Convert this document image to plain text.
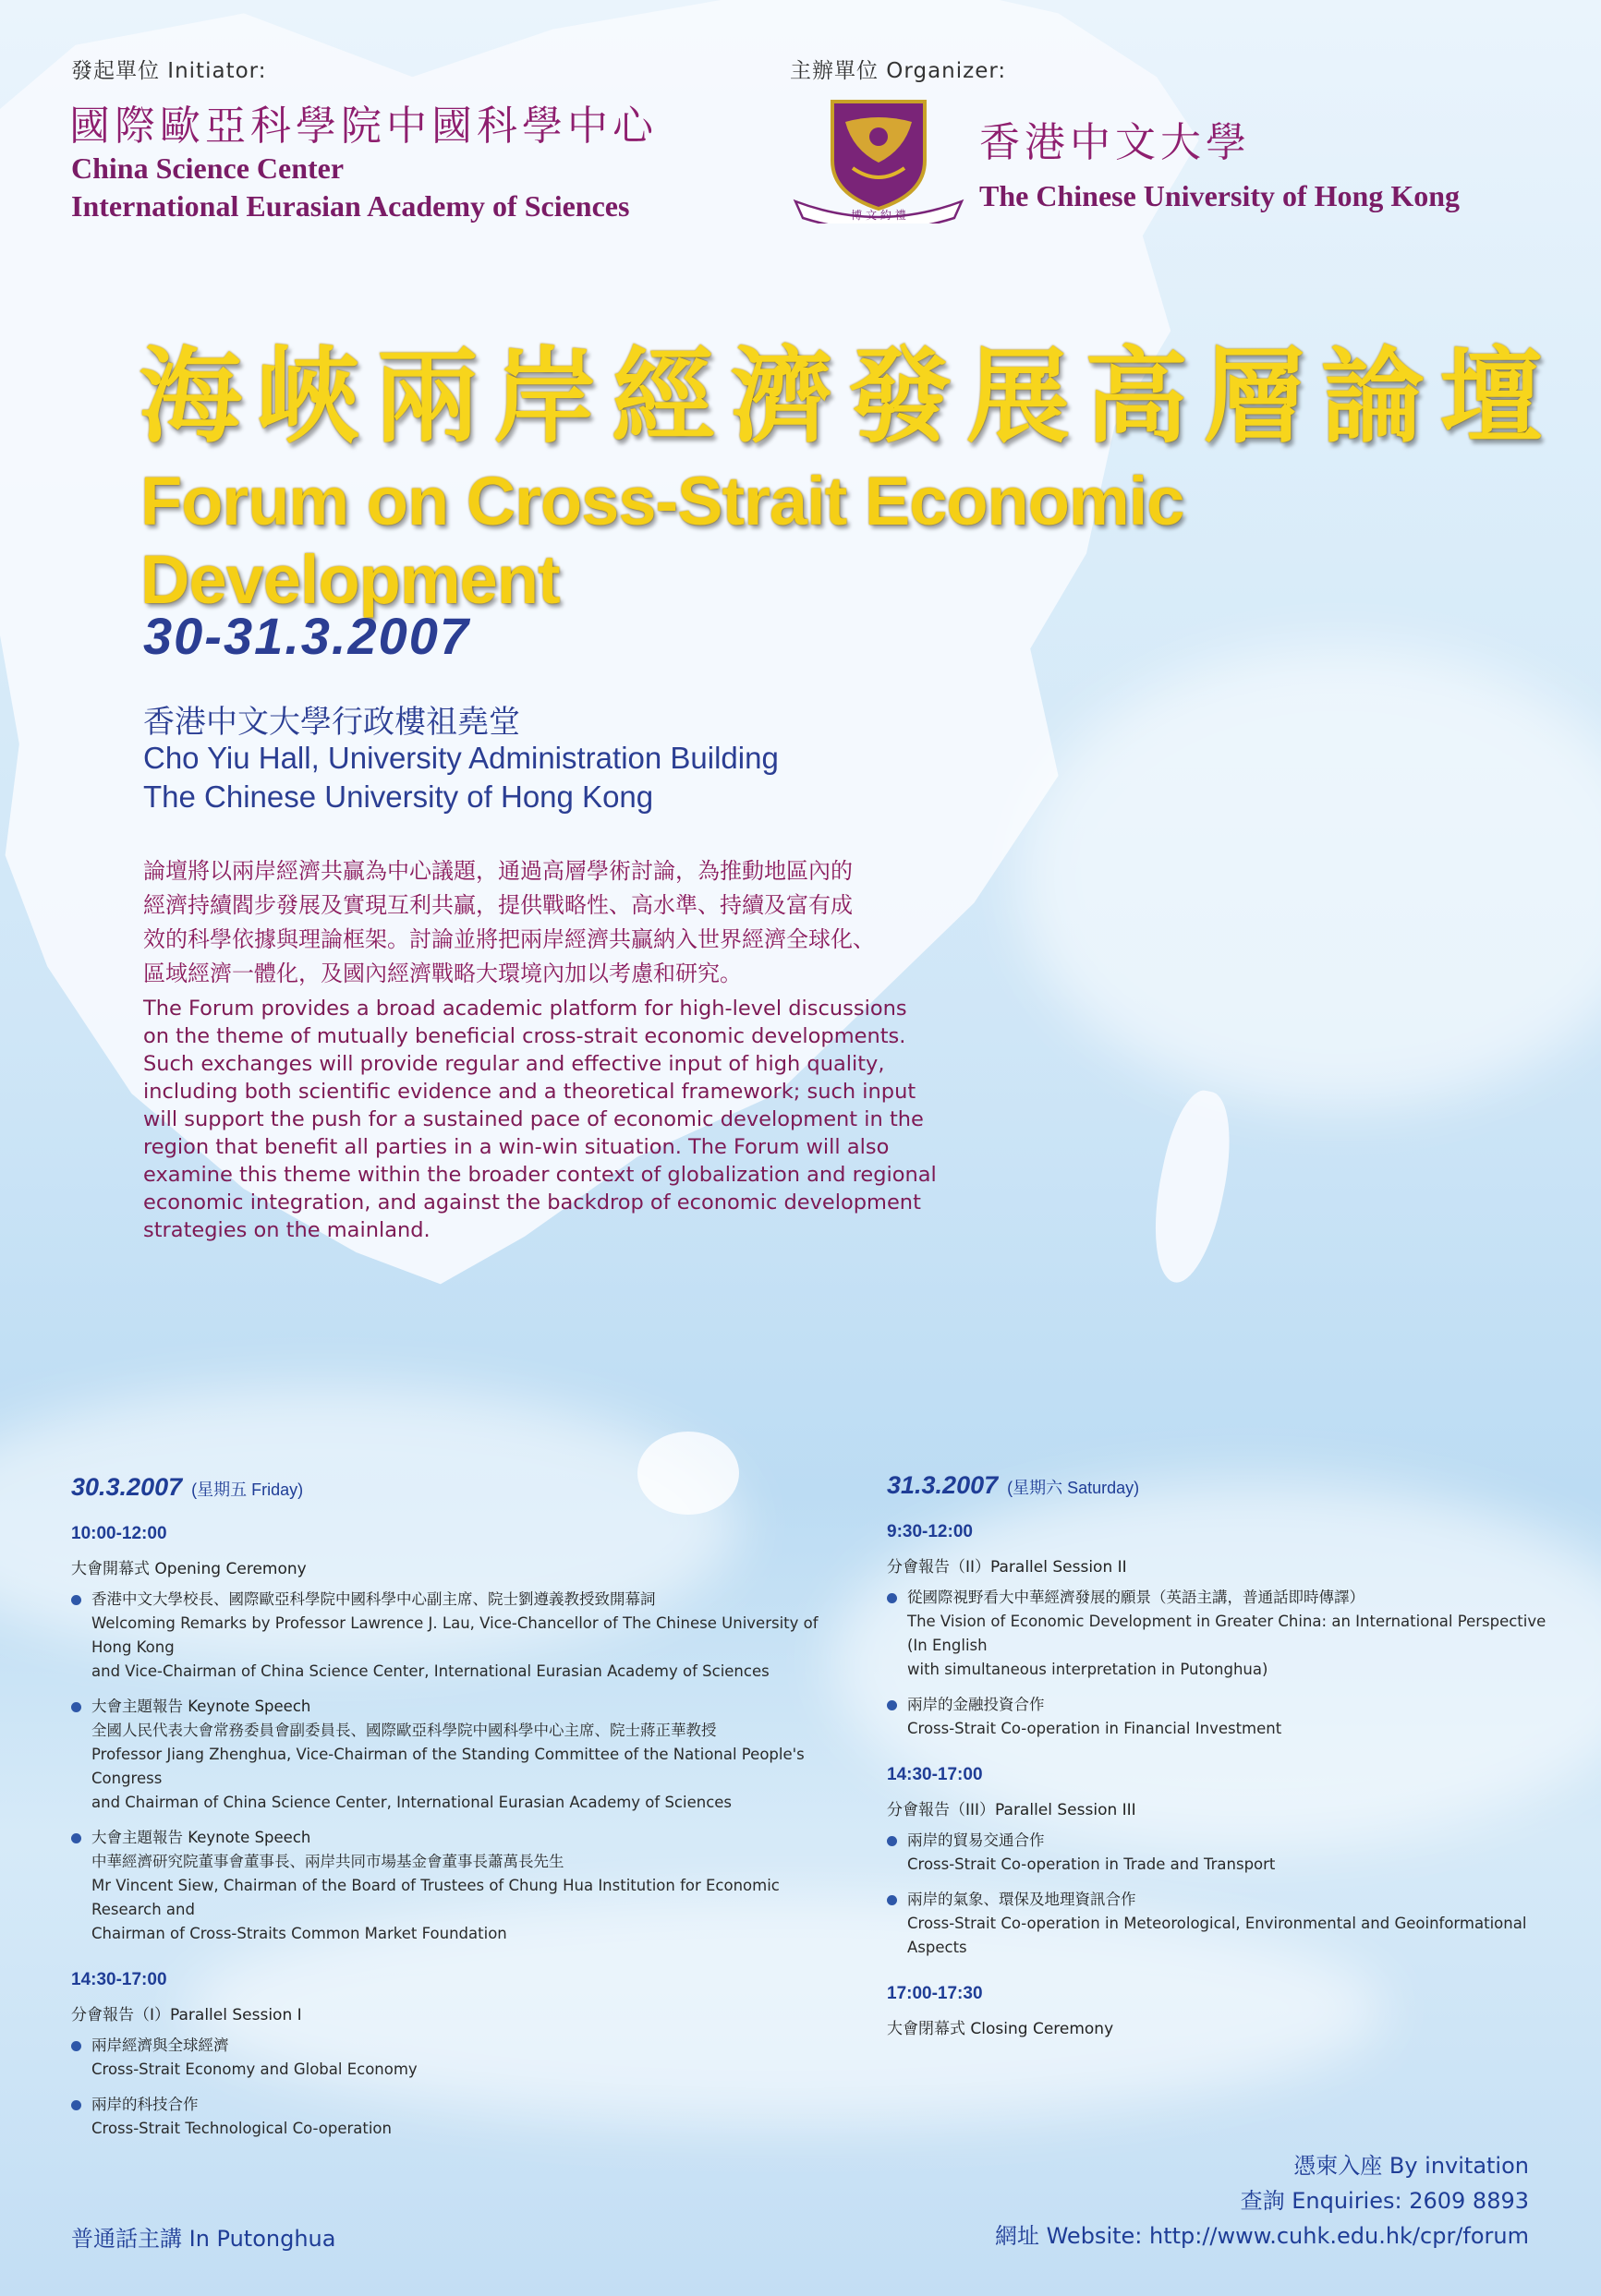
發起單位 Initiator:
國際歐亞科學院中國科學中心
China Science Center
International Eurasian Academy of Sciences
主辦單位 Organizer:
博 文 約 禮
香港中文大學
The Chinese University of Hong Kong
海峽兩岸經濟發展高層論壇
Forum on Cross-Strait Economic Development
30-31.3.2007
香港中文大學行政樓祖堯堂
Cho Yiu Hall, University Administration Building
The Chinese University of Hong Kong
論壇將以兩岸經濟共贏為中心議題，通過高層學術討論，為推動地區內的
經濟持續閻步發展及實現互利共贏，提供戰略性、高水準、持續及富有成
效的科學依據與理論框架。討論並將把兩岸經濟共贏納入世界經濟全球化、
區域經濟一體化，及國內經濟戰略大環境內加以考慮和研究。
The Forum provides a broad academic platform for high-level discussions
on the theme of mutually beneficial cross-strait economic developments.
Such exchanges will provide regular and effective input of high quality,
including both scientific evidence and a theoretical framework; such input
will support the push for a sustained pace of economic development in the
region that benefit all parties in a win-win situation. The Forum will also
examine this theme within the broader context of globalization and regional
economic integration, and against the backdrop of economic development
strategies on the mainland.
30.3.2007 (星期五 Friday)
10:00-12:00
大會開幕式 Opening Ceremony
香港中文大學校長、國際歐亞科學院中國科學中心副主席、院士劉遵義教授致開幕詞
Welcoming Remarks by Professor Lawrence J. Lau, Vice-Chancellor of The Chinese University of Hong Kong
and Vice-Chairman of China Science Center, International Eurasian Academy of Sciences
大會主題報告 Keynote Speech
全國人民代表大會常務委員會副委員長、國際歐亞科學院中國科學中心主席、院士蔣正華教授
Professor Jiang Zhenghua, Vice-Chairman of the Standing Committee of the National People's Congress
and Chairman of China Science Center, International Eurasian Academy of Sciences
大會主題報告 Keynote Speech
中華經濟研究院董事會董事長、兩岸共同市場基金會董事長蕭萬長先生
Mr Vincent Siew, Chairman of the Board of Trustees of Chung Hua Institution for Economic Research and
Chairman of Cross-Straits Common Market Foundation
14:30-17:00
分會報告（I）Parallel Session I
兩岸經濟與全球經濟
Cross-Strait Economy and Global Economy
兩岸的科技合作
Cross-Strait Technological Co-operation
31.3.2007 (星期六 Saturday)
9:30-12:00
分會報告（II）Parallel Session II
從國際視野看大中華經濟發展的願景（英語主講，普通話即時傳譯）
The Vision of Economic Development in Greater China: an International Perspective (In English
with simultaneous interpretation in Putonghua)
兩岸的金融投資合作
Cross-Strait Co-operation in Financial Investment
14:30-17:00
分會報告（III）Parallel Session III
兩岸的貿易交通合作
Cross-Strait Co-operation in Trade and Transport
兩岸的氣象、環保及地理資訊合作
Cross-Strait Co-operation in Meteorological, Environmental and Geoinformational Aspects
17:00-17:30
大會閉幕式 Closing Ceremony
普通話主講 In Putonghua
憑柬入座 By invitation
查詢 Enquiries: 2609 8893
網址 Website: http://www.cuhk.edu.hk/cpr/forum
